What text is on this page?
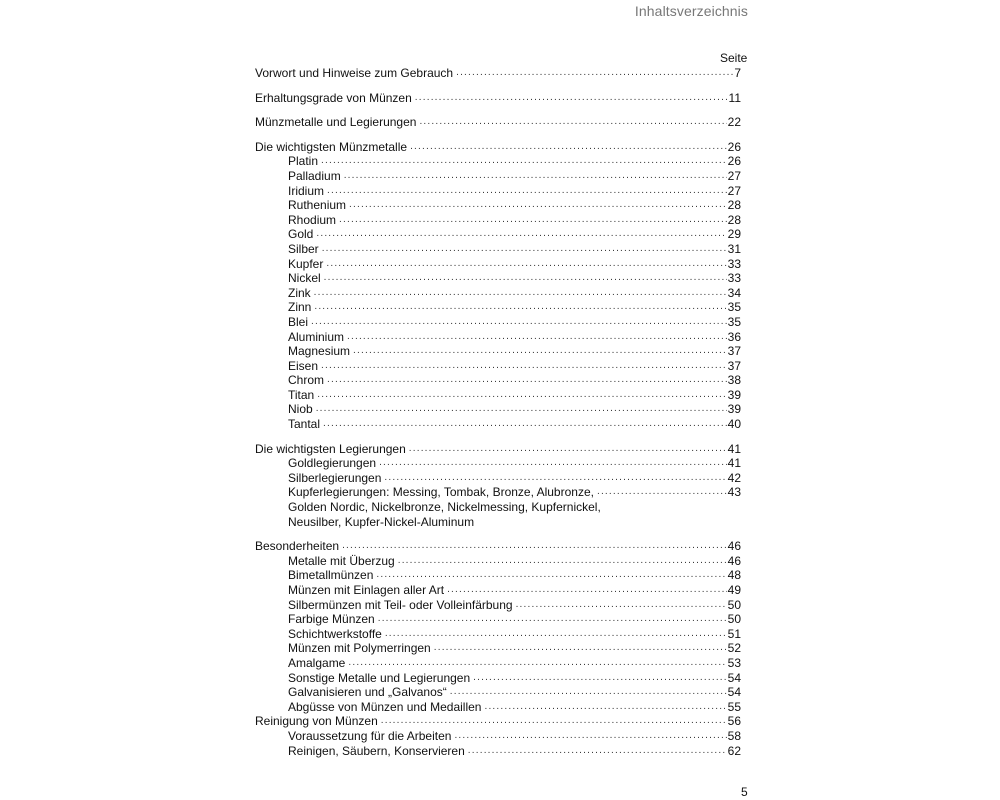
Inhaltsverzeichnis
Seite
Vorwort und Hinweise zum Gebrauch .....	7
Erhaltungsgrade von Münzen .....	11
Münzmetalle und Legierungen .....	22
Die wichtigsten Münzmetalle .....	26
Platin .....	26
Palladium .....	27
Iridium .....	27
Ruthenium .....	28
Rhodium .....	28
Gold .....	29
Silber .....	31
Kupfer .....	33
Nickel .....	33
Zink .....	34
Zinn .....	35
Blei .....	35
Aluminium .....	36
Magnesium .....	37
Eisen .....	37
Chrom .....	38
Titan .....	39
Niob .....	39
Tantal .....	40
Die wichtigsten Legierungen .....	41
Goldlegierungen .....	41
Silberlegierungen .....	42
Kupferlegierungen: Messing, Tombak, Bronze, Alubronze, .....	43
Golden Nordic, Nickelbronze, Nickelmessing, Kupfernickel,
Neusilber, Kupfer-Nickel-Aluminum
Besonderheiten .....	46
Metalle mit Überzug .....	46
Bimetallmünzen .....	48
Münzen mit Einlagen aller Art .....	49
Silbermünzen mit Teil- oder Volleinfärbung .....	50
Farbige Münzen .....	50
Schichtwerkstoffe .....	51
Münzen mit Polymerringen .....	52
Amalgame .....	53
Sonstige Metalle und Legierungen .....	54
Galvanisieren und „Galvanos“ .....	54
Abgüsse von Münzen und Medaillen .....	55
Reinigung von Münzen .....	56
Voraussetzung für die Arbeiten .....	58
Reinigen, Säubern, Konservieren .....	62
5
